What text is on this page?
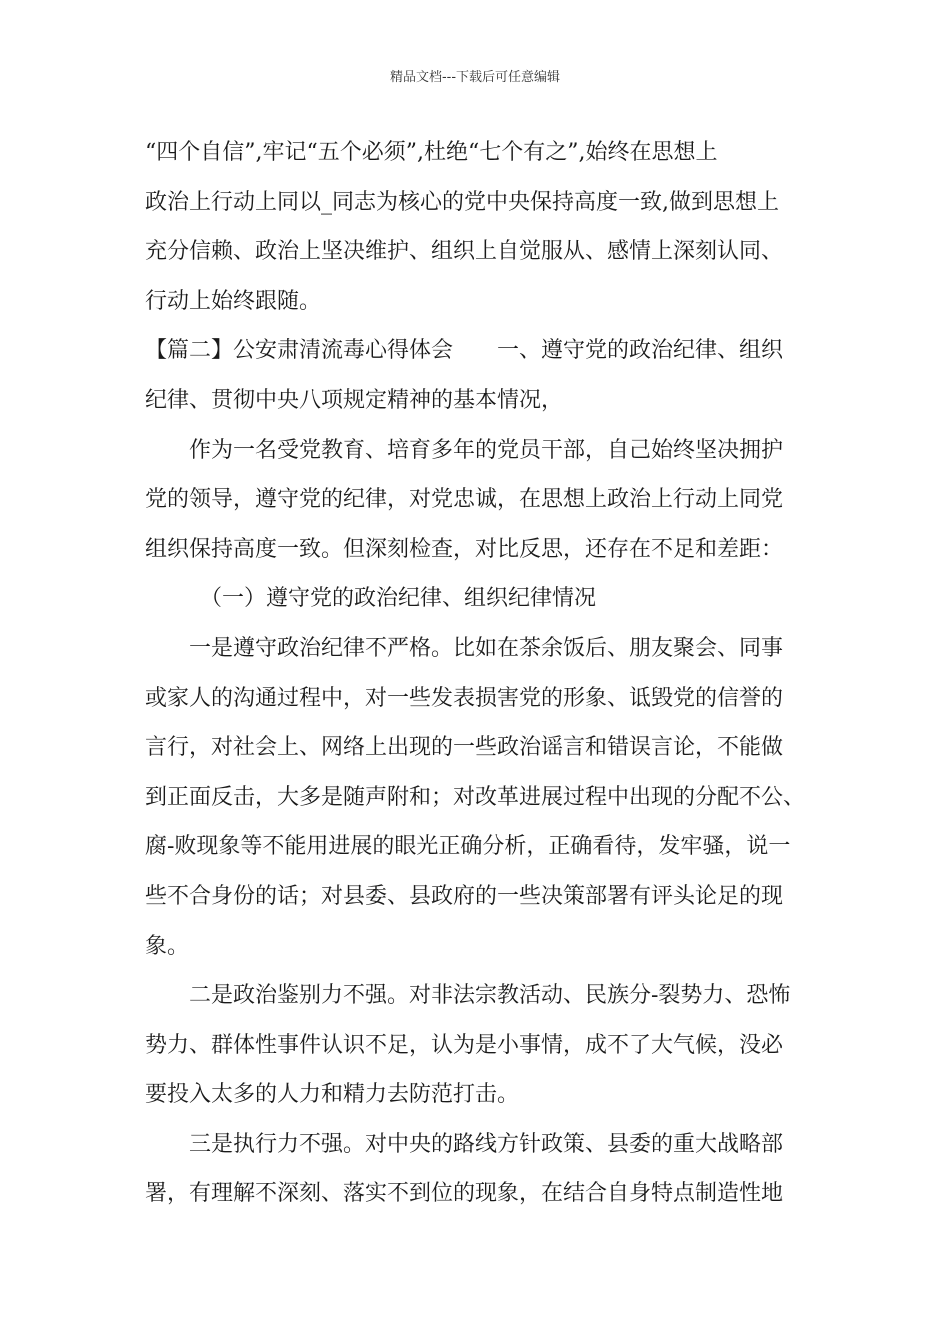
精品文档---下载后可任意编辑
“四个自信”,牢记“五个必须”,杜绝“七个有之”,始终在思想上
政治上行动上同以_同志为核心的党中央保持高度一致,做到思想上
充分信赖、政治上坚决维护、组织上自觉服从、感情上深刻认同、
行动上始终跟随。
【篇二】公安肃清流毒心得体会　　一、遵守党的政治纪律、组织
纪律、贯彻中央八项规定精神的基本情况，
作为一名受党教育、培育多年的党员干部，自己始终坚决拥护
党的领导，遵守党的纪律，对党忠诚，在思想上政治上行动上同党
组织保持高度一致。但深刻检查，对比反思，还存在不足和差距：
（一）遵守党的政治纪律、组织纪律情况
一是遵守政治纪律不严格。比如在茶余饭后、朋友聚会、同事
或家人的沟通过程中，对一些发表损害党的形象、诋毁党的信誉的
言行，对社会上、网络上出现的一些政治谣言和错误言论，不能做
到正面反击，大多是随声附和；对改革进展过程中出现的分配不公、
腐-败现象等不能用进展的眼光正确分析，正确看待，发牢骚，说一
些不合身份的话；对县委、县政府的一些决策部署有评头论足的现
象。
二是政治鉴别力不强。对非法宗教活动、民族分-裂势力、恐怖
势力、群体性事件认识不足，认为是小事情，成不了大气候，没必
要投入太多的人力和精力去防范打击。
三是执行力不强。对中央的路线方针政策、县委的重大战略部
署，有理解不深刻、落实不到位的现象，在结合自身特点制造性地
